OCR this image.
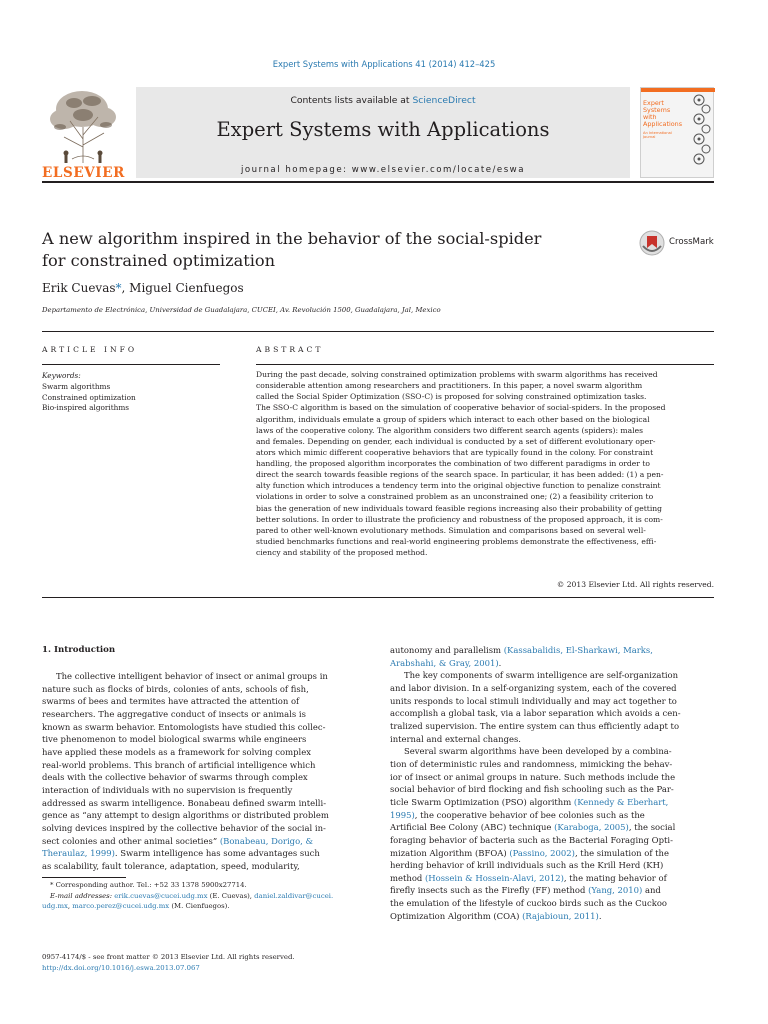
Expert Systems with Applications 41 (2014) 412–425
ELSEVIER
Contents lists available at ScienceDirect
Expert Systems with Applications
journal homepage: www.elsevier.com/locate/eswa
Expert
Systems
with
Applications
An International
Journal
A new algorithm inspired in the behavior of the social-spider
for constrained optimization
CrossMark
Erik Cuevas*, Miguel Cienfuegos
Departamento de Electrónica, Universidad de Guadalajara, CUCEI, Av. Revolución 1500, Guadalajara, Jal, Mexico
ARTICLE INFO	ABSTRACT
Keywords:
Swarm algorithms
Constrained optimization
Bio-inspired algorithms
During the past decade, solving constrained optimization problems with swarm algorithms has received
considerable attention among researchers and practitioners. In this paper, a novel swarm algorithm
called the Social Spider Optimization (SSO-C) is proposed for solving constrained optimization tasks.
The SSO-C algorithm is based on the simulation of cooperative behavior of social-spiders. In the proposed
algorithm, individuals emulate a group of spiders which interact to each other based on the biological
laws of the cooperative colony. The algorithm considers two different search agents (spiders): males
and females. Depending on gender, each individual is conducted by a set of different evolutionary oper-
ators which mimic different cooperative behaviors that are typically found in the colony. For constraint
handling, the proposed algorithm incorporates the combination of two different paradigms in order to
direct the search towards feasible regions of the search space. In particular, it has been added: (1) a pen-
alty function which introduces a tendency term into the original objective function to penalize constraint
violations in order to solve a constrained problem as an unconstrained one; (2) a feasibility criterion to
bias the generation of new individuals toward feasible regions increasing also their probability of getting
better solutions. In order to illustrate the proficiency and robustness of the proposed approach, it is com-
pared to other well-known evolutionary methods. Simulation and comparisons based on several well-
studied benchmarks functions and real-world engineering problems demonstrate the effectiveness, effi-
ciency and stability of the proposed method.
© 2013 Elsevier Ltd. All rights reserved.
1. Introduction
The collective intelligent behavior of insect or animal groups in
nature such as flocks of birds, colonies of ants, schools of fish,
swarms of bees and termites have attracted the attention of
researchers. The aggregative conduct of insects or animals is
known as swarm behavior. Entomologists have studied this collec-
tive phenomenon to model biological swarms while engineers
have applied these models as a framework for solving complex
real-world problems. This branch of artificial intelligence which
deals with the collective behavior of swarms through complex
interaction of individuals with no supervision is frequently
addressed as swarm intelligence. Bonabeau defined swarm intelli-
gence as “any attempt to design algorithms or distributed problem
solving devices inspired by the collective behavior of the social in-
sect colonies and other animal societies” (Bonabeau, Dorigo, &
Theraulaz, 1999). Swarm intelligence has some advantages such
as scalability, fault tolerance, adaptation, speed, modularity,
autonomy and parallelism (Kassabalidis, El-Sharkawi, Marks,
Arabshahi, & Gray, 2001).
The key components of swarm intelligence are self-organization
and labor division. In a self-organizing system, each of the covered
units responds to local stimuli individually and may act together to
accomplish a global task, via a labor separation which avoids a cen-
tralized supervision. The entire system can thus efficiently adapt to
internal and external changes.
Several swarm algorithms have been developed by a combina-
tion of deterministic rules and randomness, mimicking the behav-
ior of insect or animal groups in nature. Such methods include the
social behavior of bird flocking and fish schooling such as the Par-
ticle Swarm Optimization (PSO) algorithm (Kennedy & Eberhart,
1995), the cooperative behavior of bee colonies such as the
Artificial Bee Colony (ABC) technique (Karaboga, 2005), the social
foraging behavior of bacteria such as the Bacterial Foraging Opti-
mization Algorithm (BFOA) (Passino, 2002), the simulation of the
herding behavior of krill individuals such as the Krill Herd (KH)
method (Hossein & Hossein-Alavi, 2012), the mating behavior of
firefly insects such as the Firefly (FF) method (Yang, 2010) and
the emulation of the lifestyle of cuckoo birds such as the Cuckoo
Optimization Algorithm (COA) (Rajabioun, 2011).
* Corresponding author. Tel.: +52 33 1378 5900x27714.
E-mail addresses: erik.cuevas@cucei.udg.mx (E. Cuevas), daniel.zaldivar@cucei.
udg.mx, marco.perez@cucei.udg.mx (M. Cienfuegos).
0957-4174/$ - see front matter © 2013 Elsevier Ltd. All rights reserved.
http://dx.doi.org/10.1016/j.eswa.2013.07.067
